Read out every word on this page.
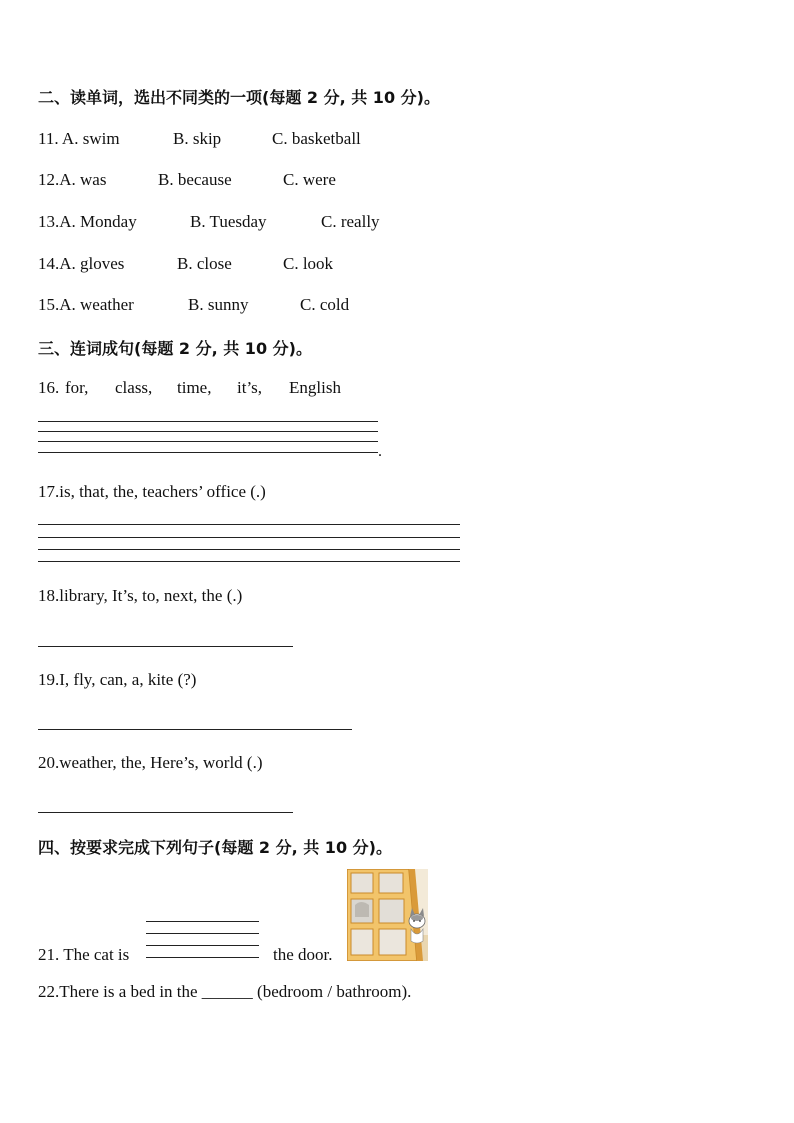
二、读单词，选出不同类的一项(每题 2 分, 共 10 分)。
11. A. swim	B. skip	C. basketball
12.A. was	B. because	C. were
13.A. Monday	B. Tuesday	C. really
14.A. gloves	B. close	C. look
15.A. weather	B. sunny	C. cold
三、连词成句(每题 2 分, 共 10 分)。
16. for, class, time, it’s, English
.
17.is, that, the, teachers’ office (.)
18.library, It’s, to, next, the (.)
19.I, fly, can, a, kite (?)
20.weather, the, Here’s, world (.)
四、按要求完成下列句子(每题 2 分, 共 10 分)。
21. The cat is	the door.
22.There is a bed in the ______ (bedroom / bathroom).
